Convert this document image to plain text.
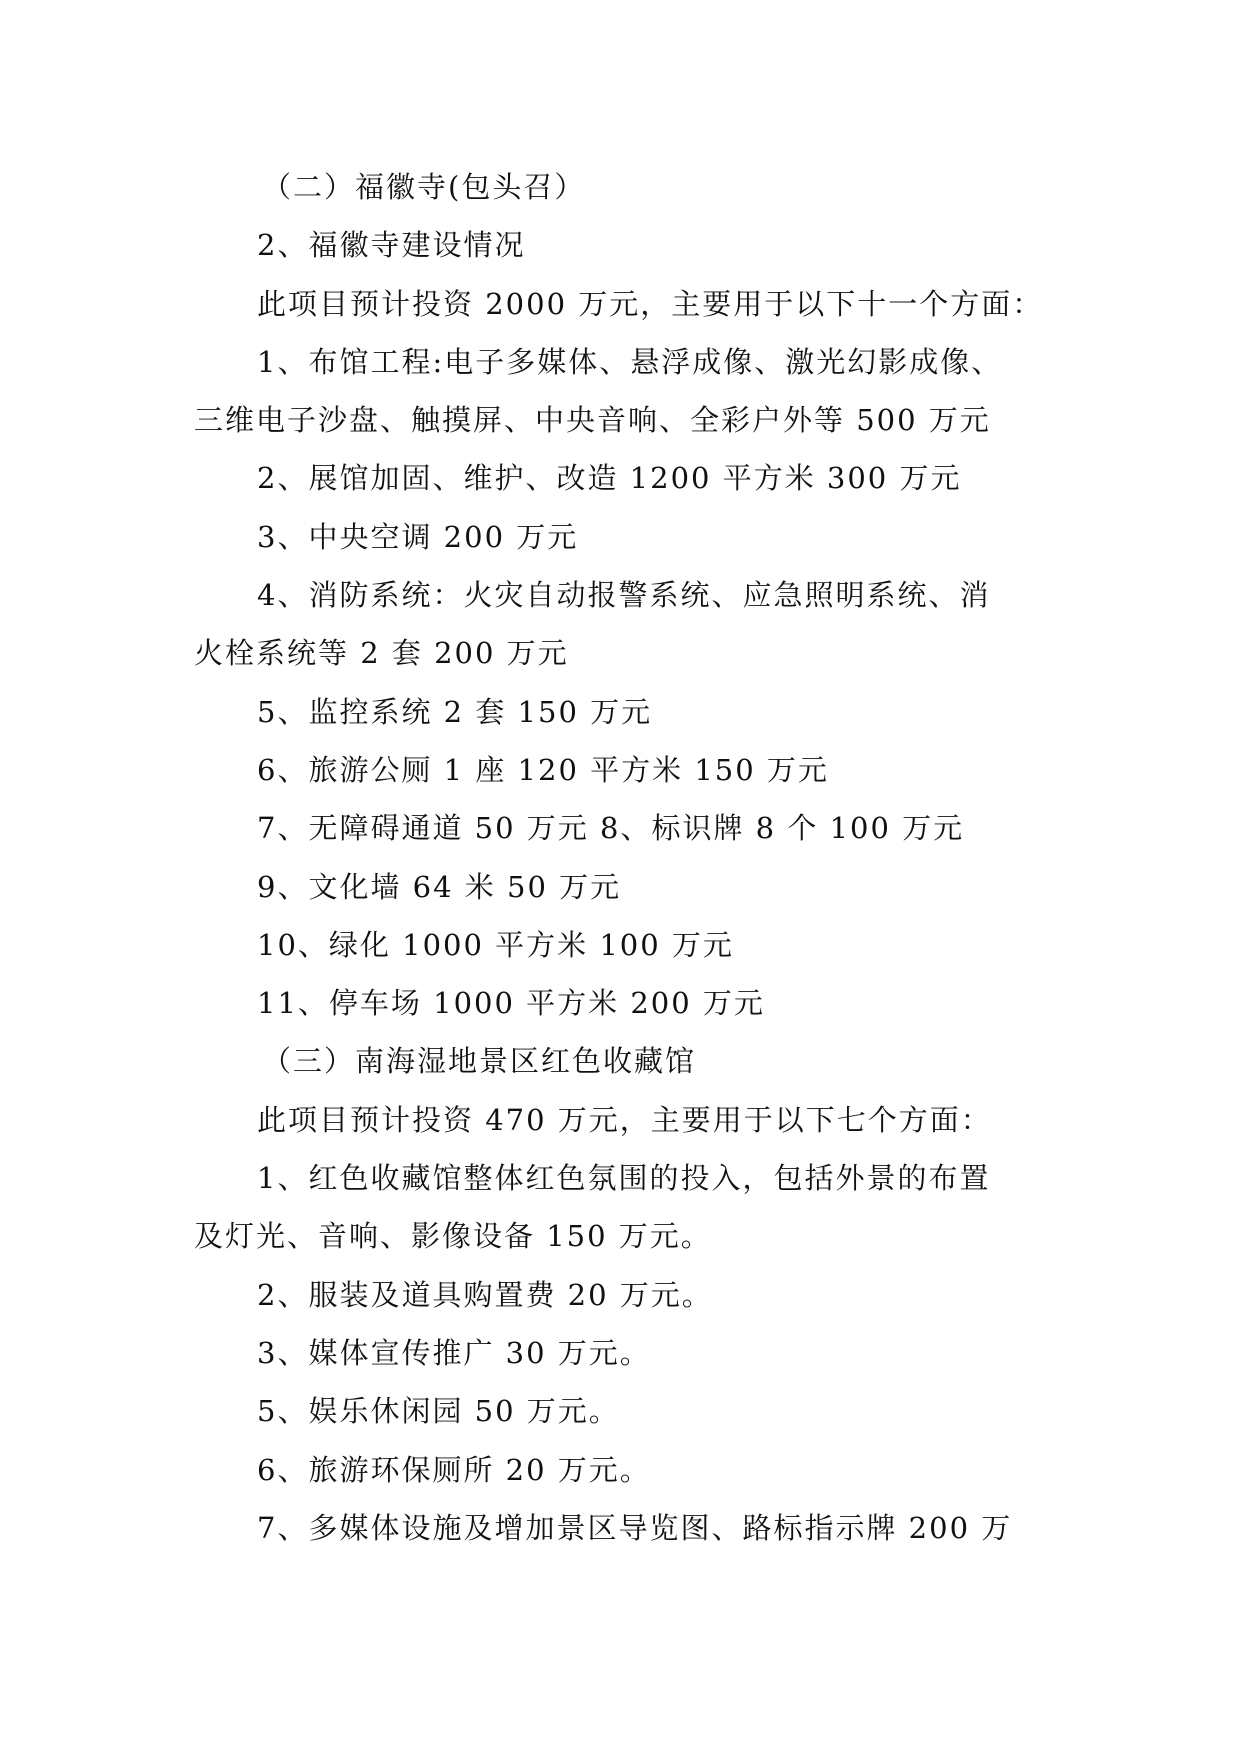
（二）福徽寺(包头召）

2、福徽寺建设情况

此项目预计投资 2000 万元，主要用于以下十一个方面：

1、布馆工程:电子多媒体、悬浮成像、激光幻影成像、

三维电子沙盘、触摸屏、中央音响、全彩户外等 500 万元

2、展馆加固、维护、改造 1200 平方米 300 万元

3、中央空调 200 万元

4、消防系统：火灾自动报警系统、应急照明系统、消

火栓系统等 2 套 200 万元

5、监控系统 2 套 150 万元

6、旅游公厕 1 座 120 平方米 150 万元

7、无障碍通道 50 万元 8、标识牌 8 个 100 万元

9、文化墙 64 米 50 万元

10、绿化 1000 平方米 100 万元

11、停车场 1000 平方米 200 万元

（三）南海湿地景区红色收藏馆

此项目预计投资 470 万元，主要用于以下七个方面：

1、红色收藏馆整体红色氛围的投入，包括外景的布置

及灯光、音响、影像设备 150 万元。

2、服装及道具购置费 20 万元。

3、媒体宣传推广 30 万元。

5、娱乐休闲园 50 万元。

6、旅游环保厕所 20 万元。

7、多媒体设施及增加景区导览图、路标指示牌 200 万
